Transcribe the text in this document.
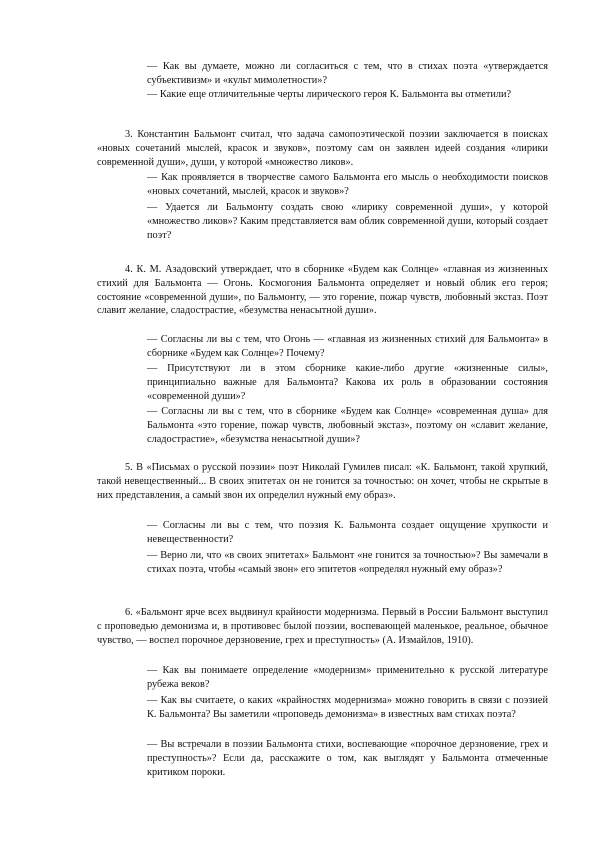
— Как вы думаете, можно ли согласиться с тем, что в стихах поэта «утверждается субъективизм» и «культ мимолетности»?

— Какие еще отличительные черты лирического героя К. Бальмонта вы отметили?

3. Константин Бальмонт считал, что задача самопоэтической поэзии заключается в поисках «новых сочетаний мыслей, красок и звуков», поэтому сам он заявлен идеей создания «лирики современной души», души, у которой «множество ликов».

— Как проявляется в творчестве самого Бальмонта его мысль о необходимости поисков «новых сочетаний, мыслей, красок и звуков»?

— Удается ли Бальмонту создать свою «лирику современной души», у которой «множество ликов»? Каким представляется вам облик современной души, который создает поэт?

4. К. М. Азадовский утверждает, что в сборнике «Будем как Солнце» «главная из жизненных стихий для Бальмонта — Огонь. Космогония Бальмонта определяет и новый облик его героя; состояние «современной души», по Бальмонту, — это горение, пожар чувств, любовный экстаз. Поэт славит желание, сладострастие, «безумства ненасытной души».

— Согласны ли вы с тем, что Огонь — «главная из жизненных стихий для Бальмонта» в сборнике «Будем как Солнце»? Почему?

— Присутствуют ли в этом сборнике какие-либо другие «жизненные силы», принципиально важные для Бальмонта? Какова их роль в образовании состояния «современной души»?

— Согласны ли вы с тем, что в сборнике «Будем как Солнце» «современная душа» для Бальмонта «это горение, пожар чувств, любовный экстаз», поэтому он «славит желание, сладострастие», «безумства ненасытной души»?

5. В «Письмах о русской поэзии» поэт Николай Гумилев писал: «К. Бальмонт, такой хрупкий, такой невещественный... В своих эпитетах он не гонится за точностью: он хочет, чтобы не скрытые в них представления, а самый звон их определил нужный ему образ».

— Согласны ли вы с тем, что поэзия К. Бальмонта создает ощущение хрупкости и невещественности?

— Верно ли, что «в своих эпитетах» Бальмонт «не гонится за точностью»? Вы замечали в стихах поэта, чтобы «самый звон» его эпитетов «определял нужный ему образ»?

6. «Бальмонт ярче всех выдвинул крайности модернизма. Первый в России Бальмонт выступил с проповедью демонизма и, в противовес былой поэзии, воспевающей маленькое, реальное, обычное чувство, — воспел порочное дерзновение, грех и преступность» (А. Измайлов, 1910).

— Как вы понимаете определение «модернизм» применительно к русской литературе рубежа веков?

— Как вы считаете, о каких «крайностях модернизма» можно говорить в связи с поэзией К. Бальмонта? Вы заметили «проповедь демонизма» в известных вам стихах поэта?

— Вы встречали в поэзии Бальмонта стихи, воспевающие «порочное дерзновение, грех и преступность»? Если да, расскажите о том, как выглядят у Бальмонта отмеченные критиком пороки.
